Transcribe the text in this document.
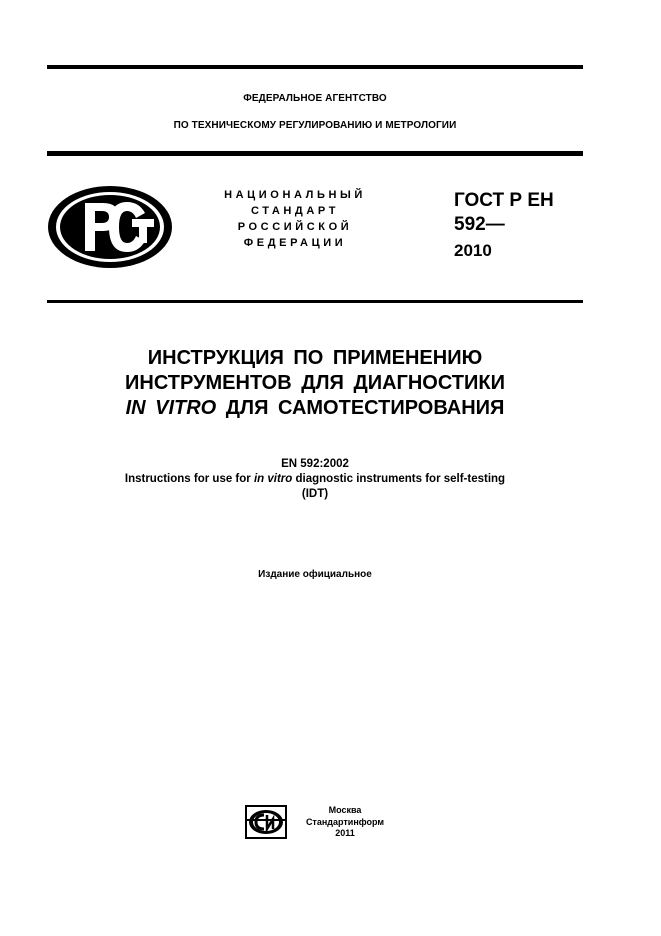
ФЕДЕРАЛЬНОЕ АГЕНТСТВО
ПО ТЕХНИЧЕСКОМУ РЕГУЛИРОВАНИЮ И МЕТРОЛОГИИ
НАЦИОНАЛЬНЫЙ
СТАНДАРТ
РОССИЙСКОЙ
ФЕДЕРАЦИИ
ГОСТ Р ЕН
592—
2010
ИНСТРУКЦИЯ ПО ПРИМЕНЕНИЮ
ИНСТРУМЕНТОВ ДЛЯ ДИАГНОСТИКИ
IN VITRO ДЛЯ САМОТЕСТИРОВАНИЯ
EN 592:2002
Instructions for use for in vitro diagnostic instruments for self-testing
(IDT)
Издание официальное
Москва
Стандартинформ
2011
